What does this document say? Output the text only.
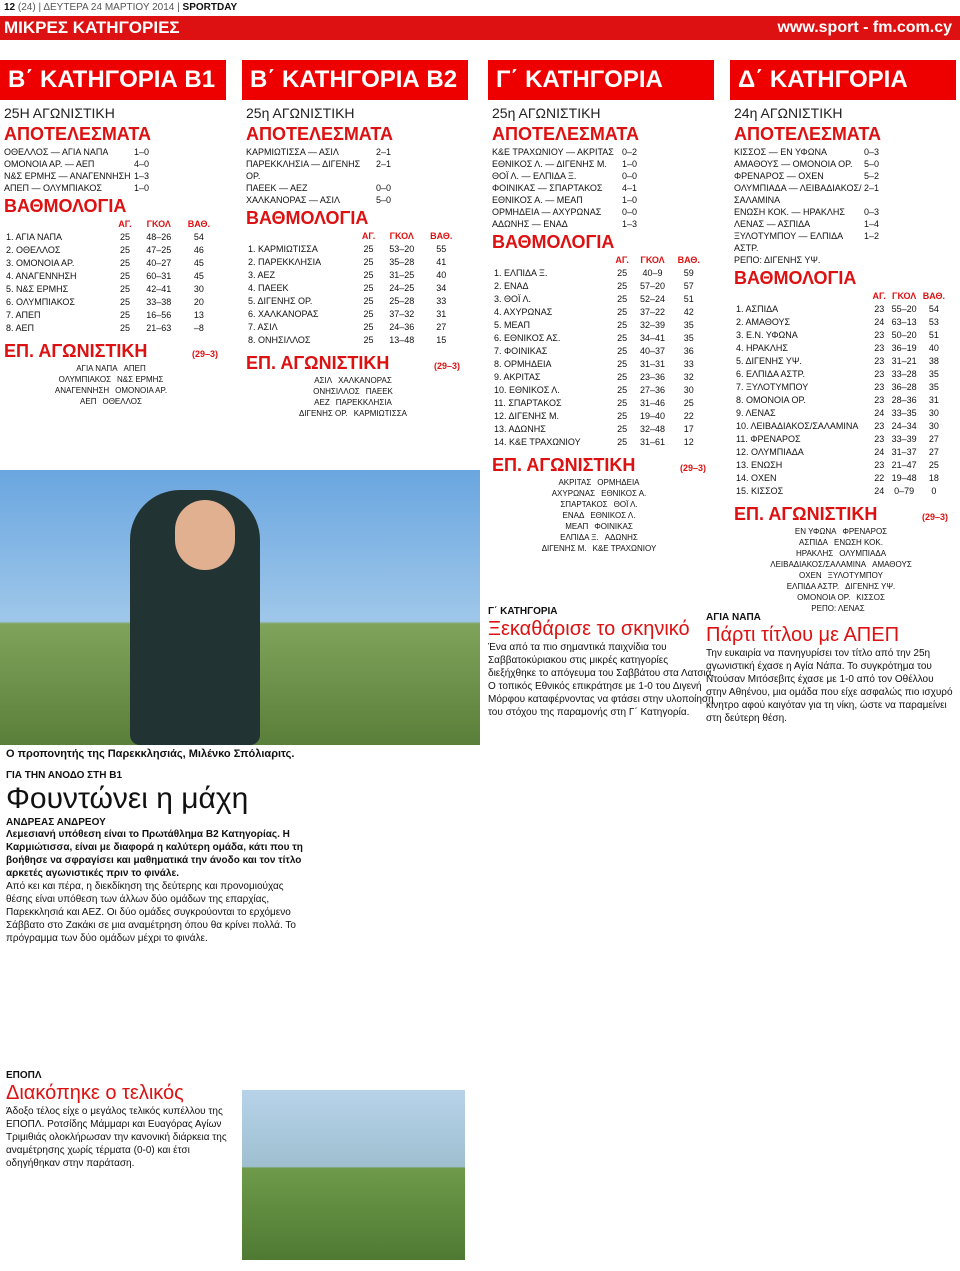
12 (24) | ΔΕΥΤΕΡΑ 24 ΜΑΡΤΙΟΥ 2014 | SPORTDAY
ΜΙΚΡΕΣ ΚΑΤΗΓΟΡΙΕΣ	www.sport - fm.com.cy
Β΄ ΚΑΤΗΓΟΡΙΑ Β1
25Η ΑΓΩΝΙΣΤΙΚΗ
ΑΠΟΤΕΛΕΣΜΑΤΑ
ΟΘΕΛΛΟΣ — ΑΓΙΑ ΝΑΠΑ	1–0
ΟΜΟΝΟΙΑ ΑΡ. — ΑΕΠ	4–0
Ν&Σ ΕΡΜΗΣ — ΑΝΑΓΕΝΝΗΣΗ 1–3
ΑΠΕΠ — ΟΛΥΜΠΙΑΚΟΣ	1–0
ΒΑΘΜΟΛΟΓΙΑ
	ΑΓ.	ΓΚΟΛ	ΒΑΘ.
1. ΑΓΙΑ ΝΑΠΑ	25	48–26	54
2. ΟΘΕΛΛΟΣ	25	47–25	46
3. ΟΜΟΝΟΙΑ ΑΡ.	25	40–27	45
4. ΑΝΑΓΕΝΝΗΣΗ	25	60–31	45
5. Ν&Σ ΕΡΜΗΣ	25	42–41	30
6. ΟΛΥΜΠΙΑΚΟΣ	25	33–38	20
7. ΑΠΕΠ	25	16–56	13
8. ΑΕΠ	25	21–63	–8
ΕΠ. ΑΓΩΝΙΣΤΙΚΗ	(29–3)
ΑΓΙΑ ΝΑΠΑ ΑΠΕΠ
ΟΛΥΜΠΙΑΚΟΣ Ν&Σ ΕΡΜΗΣ
ΑΝΑΓΕΝΝΗΣΗ ΟΜΟΝΟΙΑ ΑΡ.
ΑΕΠ ΟΘΕΛΛΟΣ
Β΄ ΚΑΤΗΓΟΡΙΑ Β2
25η ΑΓΩΝΙΣΤΙΚΗ
ΑΠΟΤΕΛΕΣΜΑΤΑ
ΚΑΡΜΙΩΤΙΣΣΑ — ΑΣΙΛ	2–1
ΠΑΡΕΚΚΛΗΣΙΑ — ΔΙΓΕΝΗΣ ΟΡ.
2–1
ΠΑΕΕΚ — ΑΕΖ	0–0
ΧΑΛΚΑΝΟΡΑΣ — ΑΣΙΛ	5–0
ΒΑΘΜΟΛΟΓΙΑ
	ΑΓ.	ΓΚΟΛ	ΒΑΘ.
1. ΚΑΡΜΙΩΤΙΣΣΑ	25	53–20	55
2. ΠΑΡΕΚΚΛΗΣΙΑ	25	35–28	41
3. ΑΕΖ	25	31–25	40
4. ΠΑΕΕΚ	25	24–25	34
5. ΔΙΓΕΝΗΣ ΟΡ.	25	25–28	33
6. ΧΑΛΚΑΝΟΡΑΣ	25	37–32	31
7. ΑΣΙΛ	25	24–36	27
8. ΟΝΗΣΙΛΛΟΣ	25	13–48	15
ΕΠ. ΑΓΩΝΙΣΤΙΚΗ	(29–3)
ΑΣΙΛ ΧΑΛΚΑΝΟΡΑΣ
ΟΝΗΣΙΛΛΟΣ ΠΑΕΕΚ
ΑΕΖ ΠΑΡΕΚΚΛΗΣΙΑ
ΔΙΓΕΝΗΣ ΟΡ. ΚΑΡΜΙΩΤΙΣΣΑ
Γ΄ ΚΑΤΗΓΟΡΙΑ
25η ΑΓΩΝΙΣΤΙΚΗ
ΑΠΟΤΕΛΕΣΜΑΤΑ
Κ&Ε ΤΡΑΧΩΝΙΟΥ — ΑΚΡΙΤΑΣ 0–2
ΕΘΝΙΚΟΣ Λ. — ΔΙΓΕΝΗΣ Μ.	1–0
ΘΟΪ Λ. — ΕΛΠΙΔΑ Ξ.	0–0
ΦΟΙΝΙΚΑΣ — ΣΠΑΡΤΑΚΟΣ	4–1
ΕΘΝΙΚΟΣ Α. — ΜΕΑΠ	1–0
ΟΡΜΗΔΕΙΑ — ΑΧΥΡΩΝΑΣ	0–0
ΑΔΩΝΗΣ — ΕΝΑΔ	1–3
ΒΑΘΜΟΛΟΓΙΑ
	ΑΓ.	ΓΚΟΛ	ΒΑΘ.
1. ΕΛΠΙΔΑ Ξ.	25	40–9	59
2. ΕΝΑΔ	25	57–20	57
3. ΘΟΪ Λ.	25	52–24	51
4. ΑΧΥΡΩΝΑΣ	25	37–22	42
5. ΜΕΑΠ	25	32–39	35
6. ΕΘΝΙΚΟΣ ΑΣ.	25	34–41	35
7. ΦΟΙΝΙΚΑΣ	25	40–37	36
8. ΟΡΜΗΔΕΙΑ	25	31–31	33
9. ΑΚΡΙΤΑΣ	25	23–36	32
10. ΕΘΝΙΚΟΣ Λ.	25	27–36	30
11. ΣΠΑΡΤΑΚΟΣ	25	31–46	25
12. ΔΙΓΕΝΗΣ Μ.	25	19–40	22
13. ΑΔΩΝΗΣ	25	32–48	17
14. Κ&Ε ΤΡΑΧΩΝΙΟΥ	25	31–61	12
ΕΠ. ΑΓΩΝΙΣΤΙΚΗ	(29–3)
ΑΚΡΙΤΑΣ ΟΡΜΗΔΕΙΑ
ΑΧΥΡΩΝΑΣ ΕΘΝΙΚΟΣ Α.
ΣΠΑΡΤΑΚΟΣ ΘΟΪ Λ.
ΕΝΑΔ ΕΘΝΙΚΟΣ Λ.
ΜΕΑΠ ΦΟΙΝΙΚΑΣ
ΕΛΠΙΔΑ Ξ. ΑΔΩΝΗΣ
ΔΙΓΕΝΗΣ Μ. Κ&Ε ΤΡΑΧΩΝΙΟΥ
Δ΄ ΚΑΤΗΓΟΡΙΑ
24η ΑΓΩΝΙΣΤΙΚΗ
ΑΠΟΤΕΛΕΣΜΑΤΑ
ΚΙΣΣΟΣ — ΕΝ ΥΦΩΝΑ	0–3
ΑΜΑΘΟΥΣ — ΟΜΟΝΟΙΑ ΟΡ.	5–0
ΦΡΕΝΑΡΟΣ — ΟΧΕΝ	5–2
ΟΛΥΜΠΙΑΔΑ — ΛΕΙΒΑΔΙΑΚΟΣ/ΣΑΛΑΜΙΝΑ
2–1
ΕΝΩΣΗ ΚΟΚ. — ΗΡΑΚΛΗΣ	0–3
ΛΕΝΑΣ — ΑΣΠΙΔΑ	1–4
ΞΥΛΟΤΥΜΠΟΥ — ΕΛΠΙΔΑ ΑΣΤΡ.
1–2
ΡΕΠΟ: ΔΙΓΕΝΗΣ ΥΨ.
ΒΑΘΜΟΛΟΓΙΑ
	ΑΓ.	ΓΚΟΛ	ΒΑΘ.
1. ΑΣΠΙΔΑ	23	55–20	54
2. ΑΜΑΘΟΥΣ	24	63–13	53
3. Ε.Ν. ΥΦΩΝΑ	23	50–20	51
4. ΗΡΑΚΛΗΣ	23	36–19	40
5. ΔΙΓΕΝΗΣ ΥΨ.	23	31–21	38
6. ΕΛΠΙΔΑ ΑΣΤΡ.	23	33–28	35
7. ΞΥΛΟΤΥΜΠΟΥ	23	36–28	35
8. ΟΜΟΝΟΙΑ ΟΡ.	23	28–36	31
9. ΛΕΝΑΣ	24	33–35	30
10. ΛΕΙΒΑΔΙΑΚΟΣ/ΣΑΛΑΜΙΝΑ	23	24–34	30
11. ΦΡΕΝΑΡΟΣ	23	33–39	27
12. ΟΛΥΜΠΙΑΔΑ	24	31–37	27
13. ΕΝΩΣΗ	23	21–47	25
14. ΟΧΕΝ	22	19–48	18
15. ΚΙΣΣΟΣ	24	0–79	0
ΕΠ. ΑΓΩΝΙΣΤΙΚΗ	(29–3)
ΕΝ ΥΦΩΝΑ ΦΡΕΝΑΡΟΣ
ΑΣΠΙΔΑ ΕΝΩΣΗ ΚΟΚ.
ΗΡΑΚΛΗΣ ΟΛΥΜΠΙΑΔΑ
ΛΕΙΒΑΔΙΑΚΟΣ/ΣΑΛΑΜΙΝΑ ΑΜΑΘΟΥΣ
ΟΧΕΝ ΞΥΛΟΤΥΜΠΟΥ
ΕΛΠΙΔΑ ΑΣΤΡ. ΔΙΓΕΝΗΣ ΥΨ.
ΟΜΟΝΟΙΑ ΟΡ. ΚΙΣΣΟΣ
ΡΕΠΟ: ΛΕΝΑΣ
Ο προπονητής της Παρεκκλησιάς, Μιλένκο Σπόλιαριτς.
ΓΙΑ ΤΗΝ ΑΝΟΔΟ ΣΤΗ Β1
Φουντώνει η μάχη
ΑΝΔΡΕΑΣ ΑΝΔΡΕΟΥ

Λεμεσιανή υπόθεση είναι το Πρωτάθλημα Β2 Κατηγορίας. Η Καρμιώτισσα, είναι με διαφορά η καλύτερη ομάδα, κάτι που τη βοήθησε να σφραγίσει και μαθηματικά την άνοδο και τον τίτλο αρκετές αγωνιστικές πριν το φινάλε.

Από κει και πέρα, η διεκδίκηση της δεύτερης και προνομιούχας θέσης είναι υπόθεση των άλλων δύο ομάδων της επαρχίας, Παρεκκλησιά και ΑΕΖ. Οι δύο ομάδες συγκρούονται το ερχόμενο Σάββατο στο Ζακάκι σε μια αναμέτρηση όπου θα κρίνει πολλά. Το πρόγραμμα των δύο ομάδων μέχρι το φινάλε.

ΕΠΟΠΛ
Διακόπηκε ο τελικός

Άδοξο τέλος είχε ο μεγάλος τελικός κυπέλλου της ΕΠΟΠΛ. Ροτσίδης Μάμμαρι και Ευαγόρας Αγίων Τριμιθιάς ολοκλήρωσαν την κανονική διάρκεια της αναμέτρησης χωρίς τέρματα (0-0) και έτσι οδηγήθηκαν στην παράταση.

Γ΄ ΚΑΤΗΓΟΡΙΑ
Ξεκαθάρισε το σκηνικό

Ένα από τα πιο σημαντικά παιχνίδια του Σαββατοκύριακου στις μικρές κατηγορίες διεξήχθηκε το απόγευμα του Σαββάτου στα Λατσιά. Ο τοπικός Εθνικός επικράτησε με 1-0 του Διγενή Μόρφου καταφέρνοντας να φτάσει στην υλοποίηση του στόχου της παραμονής στη Γ΄ Κατηγορία.

ΑΓΙΑ ΝΑΠΑ
Πάρτι τίτλου με ΑΠΕΠ

Την ευκαιρία να πανηγυρίσει τον τίτλο από την 25η αγωνιστική έχασε η Αγία Νάπα. Το συγκρότημα του Ντούσαν Μιτόσεβιτς έχασε με 1-0 από τον Οθέλλου στην Αθηένου, μια ομάδα που είχε ασφαλώς πιο ισχυρό κίνητρο αφού καιγόταν για τη νίκη, ώστε να παραμείνει στη δεύτερη θέση.
